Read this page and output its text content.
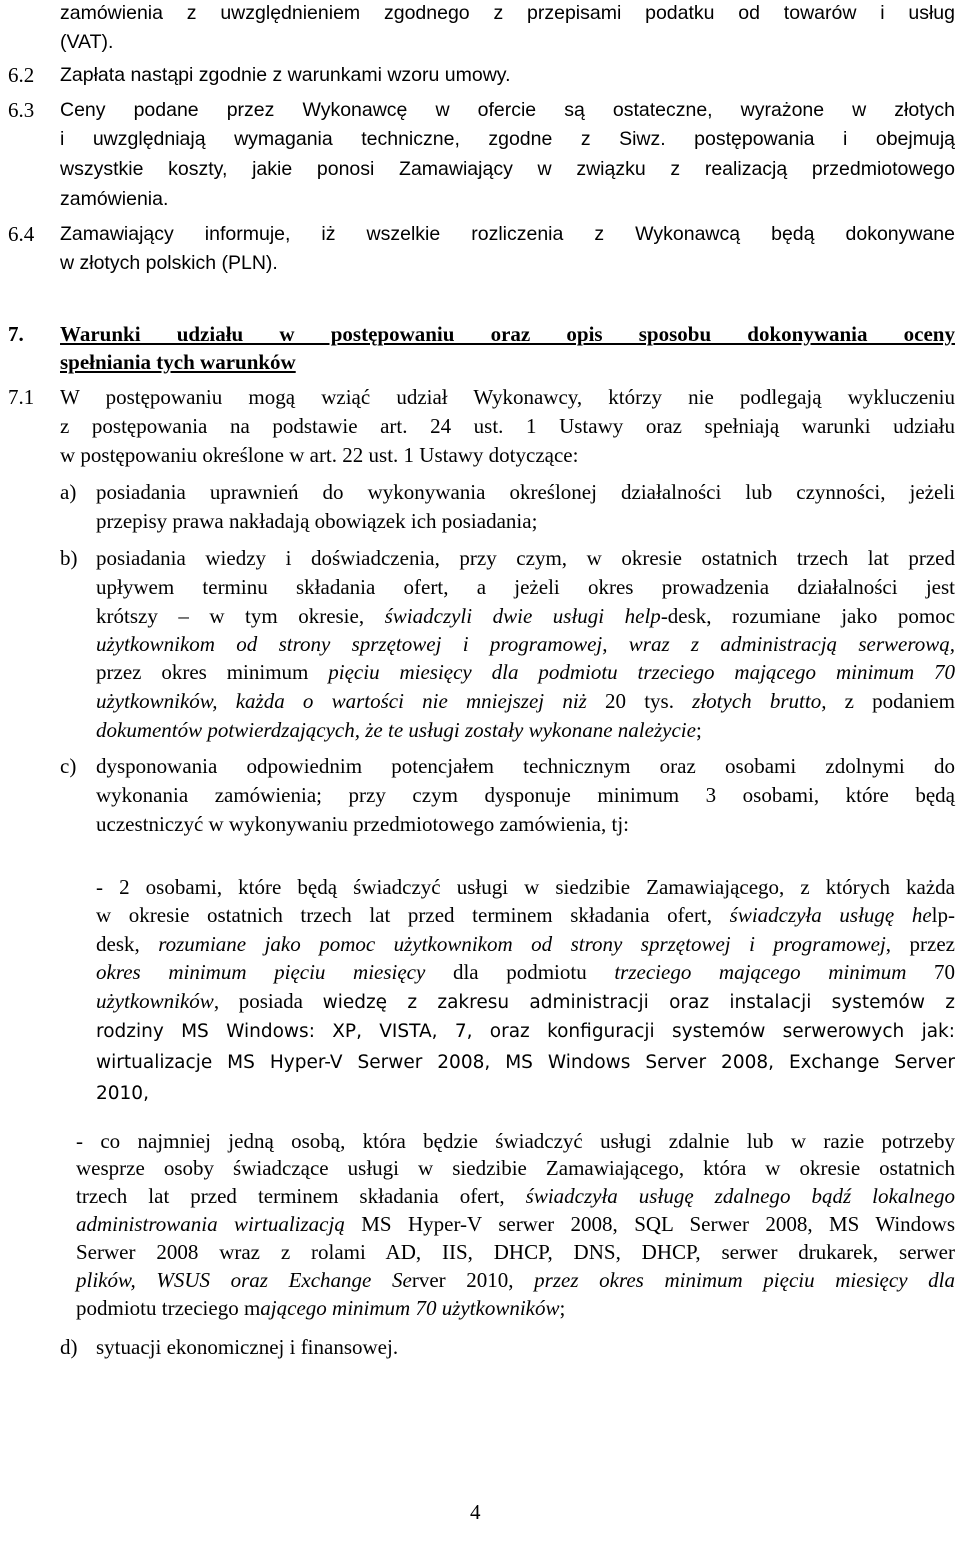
zamówienia z uwzględnieniem zgodnego z przepisami podatku od towarów i usług
(VAT).
6.2 Zapłata nastąpi zgodnie z warunkami wzoru umowy.
6.3 Ceny podane przez Wykonawcę w ofercie są ostateczne, wyrażone w złotych
i uwzględniają wymagania techniczne, zgodne z Siwz. postępowania i obejmują
wszystkie koszty, jakie ponosi Zamawiający w związku z realizacją przedmiotowego
zamówienia.
6.4 Zamawiający informuje, iż wszelkie rozliczenia z Wykonawcą będą dokonywane
w złotych polskich (PLN).
7. Warunki udziału w postępowaniu oraz opis sposobu dokonywania oceny
spełniania tych warunków
7.1 W postępowaniu mogą wziąć udział Wykonawcy, którzy nie podlegają wykluczeniu
z postępowania na podstawie art. 24 ust. 1 Ustawy oraz spełniają warunki udziału
w postępowaniu określone w art. 22 ust. 1 Ustawy dotyczące:
a) posiadania uprawnień do wykonywania określonej działalności lub czynności, jeżeli
przepisy prawa nakładają obowiązek ich posiadania;
b) posiadania wiedzy i doświadczenia, przy czym, w okresie ostatnich trzech lat przed
upływem terminu składania ofert, a jeżeli okres prowadzenia działalności jest
krótszy – w tym okresie, świadczyli dwie usługi help-desk, rozumiane jako pomoc
użytkownikom od strony sprzętowej i programowej, wraz z administracją serwerową,
przez okres minimum pięciu miesięcy dla podmiotu trzeciego mającego minimum 70
użytkowników, każda o wartości nie mniejszej niż 20 tys. złotych brutto, z podaniem
dokumentów potwierdzających, że te usługi zostały wykonane należycie;
c) dysponowania odpowiednim potencjałem technicznym oraz osobami zdolnymi do
wykonania zamówienia; przy czym dysponuje minimum 3 osobami, które będą
uczestniczyć w wykonywaniu przedmiotowego zamówienia, tj:
- 2 osobami, które będą świadczyć usługi w siedzibie Zamawiającego, z których każda
w okresie ostatnich trzech lat przed terminem składania ofert, świadczyła usługę help-
desk, rozumiane jako pomoc użytkownikom od strony sprzętowej i programowej, przez
okres minimum pięciu miesięcy dla podmiotu trzeciego mającego minimum 70
użytkowników, posiada wiedzę z zakresu administracji oraz instalacji systemów z
rodziny MS Windows: XP, VISTA, 7, oraz konfiguracji systemów serwerowych jak:
wirtualizacje MS Hyper-V Serwer 2008, MS Windows Server 2008, Exchange Server
2010,
- co najmniej jedną osobą, która będzie świadczyć usługi zdalnie lub w razie potrzeby
wesprze osoby świadczące usługi w siedzibie Zamawiającego, która w okresie ostatnich
trzech lat przed terminem składania ofert, świadczyła usługę zdalnego bądź lokalnego
administrowania wirtualizacją MS Hyper-V serwer 2008, SQL Serwer 2008, MS Windows
Serwer 2008 wraz z rolami AD, IIS, DHCP, DNS, DHCP, serwer drukarek, serwer
plików, WSUS oraz Exchange Server 2010, przez okres minimum pięciu miesięcy dla
podmiotu trzeciego mającego minimum 70 użytkowników;
d) sytuacji ekonomicznej i finansowej.
4
